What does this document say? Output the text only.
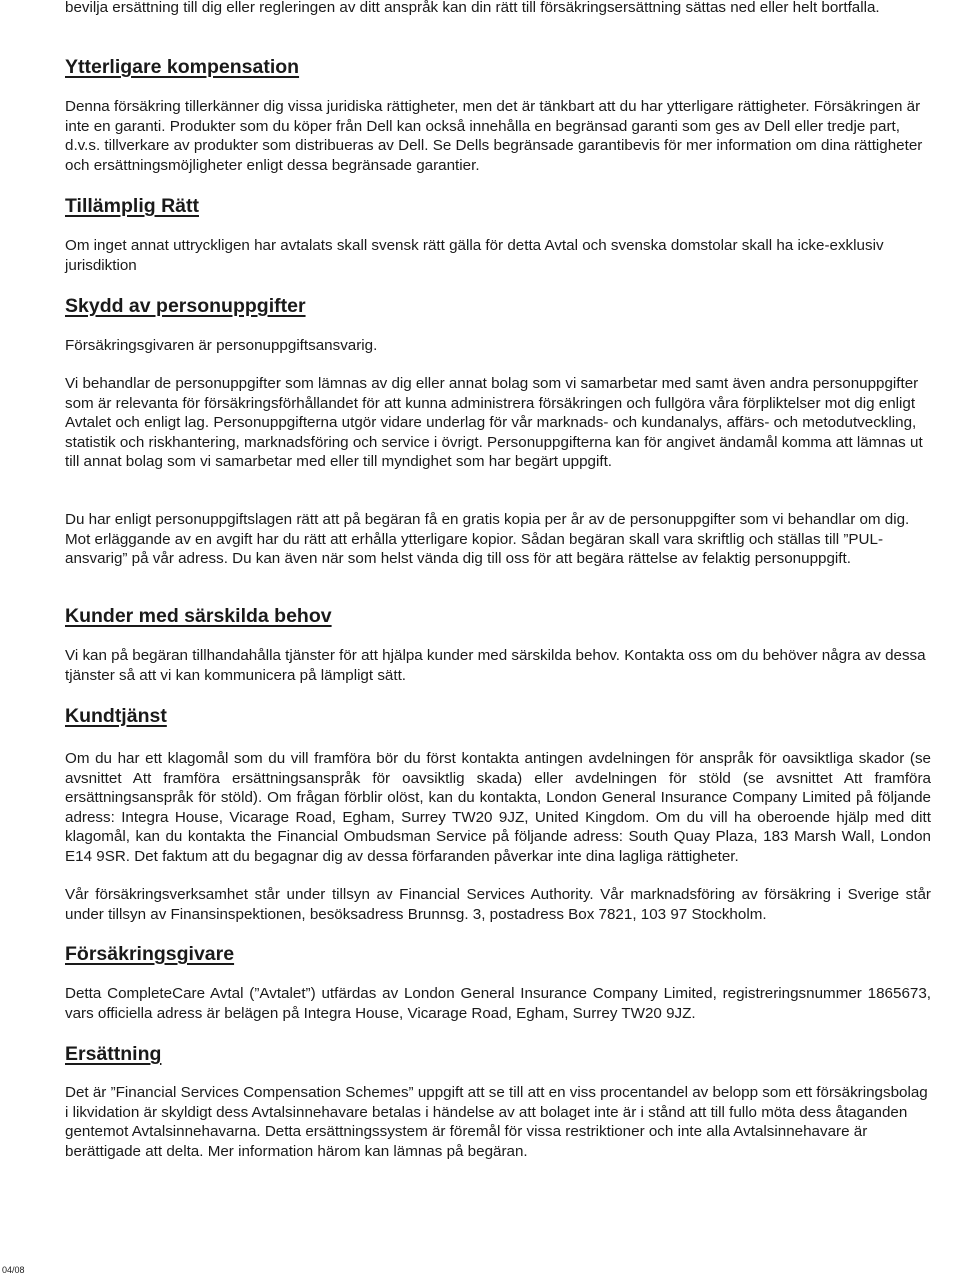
bevilja ersättning till dig eller regleringen av ditt anspråk kan din rätt till försäkringsersättning sättas ned eller helt bortfalla.

Ytterligare kompensation

Denna försäkring tillerkänner dig vissa juridiska rättigheter, men det är tänkbart att du har ytterligare rättigheter. Försäkringen är inte en garanti. Produkter som du köper från Dell kan också innehålla en begränsad garanti som ges av Dell eller tredje part, d.v.s. tillverkare av produkter som distribueras av Dell. Se Dells begränsade garantibevis för mer information om dina rättigheter och ersättningsmöjligheter enligt dessa begränsade garantier.

Tillämplig Rätt

Om inget annat uttryckligen har avtalats skall svensk rätt gälla för detta Avtal och svenska domstolar skall ha icke-exklusiv jurisdiktion

Skydd av personuppgifter

Försäkringsgivaren är personuppgiftsansvarig.

Vi behandlar de personuppgifter som lämnas av dig eller annat bolag som vi samarbetar med samt även andra personuppgifter som är relevanta för försäkringsförhållandet för att kunna administrera försäkringen och fullgöra våra förpliktelser mot dig enligt Avtalet och enligt lag. Personuppgifterna utgör vidare underlag för vår marknads- och kundanalys, affärs- och metodutveckling, statistik och riskhantering, marknadsföring och service i övrigt. Personuppgifterna kan för angivet ändamål komma att lämnas ut till annat bolag som vi samarbetar med eller till myndighet som har begärt uppgift.

Du har enligt personuppgiftslagen rätt att på begäran få en gratis kopia per år av de personuppgifter som vi behandlar om dig. Mot erläggande av en avgift har du rätt att erhålla ytterligare kopior. Sådan begäran skall vara skriftlig och ställas till ”PUL-ansvarig” på vår adress. Du kan även när som helst vända dig till oss för att begära rättelse av felaktig personuppgift.

Kunder med särskilda behov

Vi kan på begäran tillhandahålla tjänster för att hjälpa kunder med särskilda behov. Kontakta oss om du behöver några av dessa tjänster så att vi kan kommunicera på lämpligt sätt.

Kundtjänst

Om du har ett klagomål som du vill framföra bör du först kontakta antingen avdelningen för anspråk för oavsiktliga skador (se avsnittet Att framföra ersättningsanspråk för oavsiktlig skada) eller avdelningen för stöld (se avsnittet Att framföra ersättningsanspråk för stöld). Om frågan förblir olöst, kan du kontakta, London General Insurance Company Limited på följande adress: Integra House, Vicarage Road, Egham, Surrey TW20 9JZ, United Kingdom. Om du vill ha oberoende hjälp med ditt klagomål, kan du kontakta the Financial Ombudsman Service på följande adress: South Quay Plaza, 183 Marsh Wall, London E14 9SR. Det faktum att du begagnar dig av dessa förfaranden påverkar inte dina lagliga rättigheter.

Vår försäkringsverksamhet står under tillsyn av Financial Services Authority. Vår marknadsföring av försäkring i Sverige står under tillsyn av Finansinspektionen, besöksadress Brunnsg. 3, postadress Box 7821, 103 97 Stockholm.

Försäkringsgivare

Detta CompleteCare Avtal (”Avtalet”) utfärdas av London General Insurance Company Limited, registreringsnummer 1865673, vars officiella adress är belägen på Integra House, Vicarage Road, Egham, Surrey TW20 9JZ.

Ersättning

Det är ”Financial Services Compensation Schemes” uppgift att se till att en viss procentandel av belopp som ett försäkringsbolag i likvidation är skyldigt dess Avtalsinnehavare betalas i händelse av att bolaget inte är i stånd att till fullo möta dess åtaganden gentemot Avtalsinnehavarna. Detta ersättningssystem är föremål för vissa restriktioner och inte alla Avtalsinnehavare är berättigade att delta. Mer information härom kan lämnas på begäran.

04/08
